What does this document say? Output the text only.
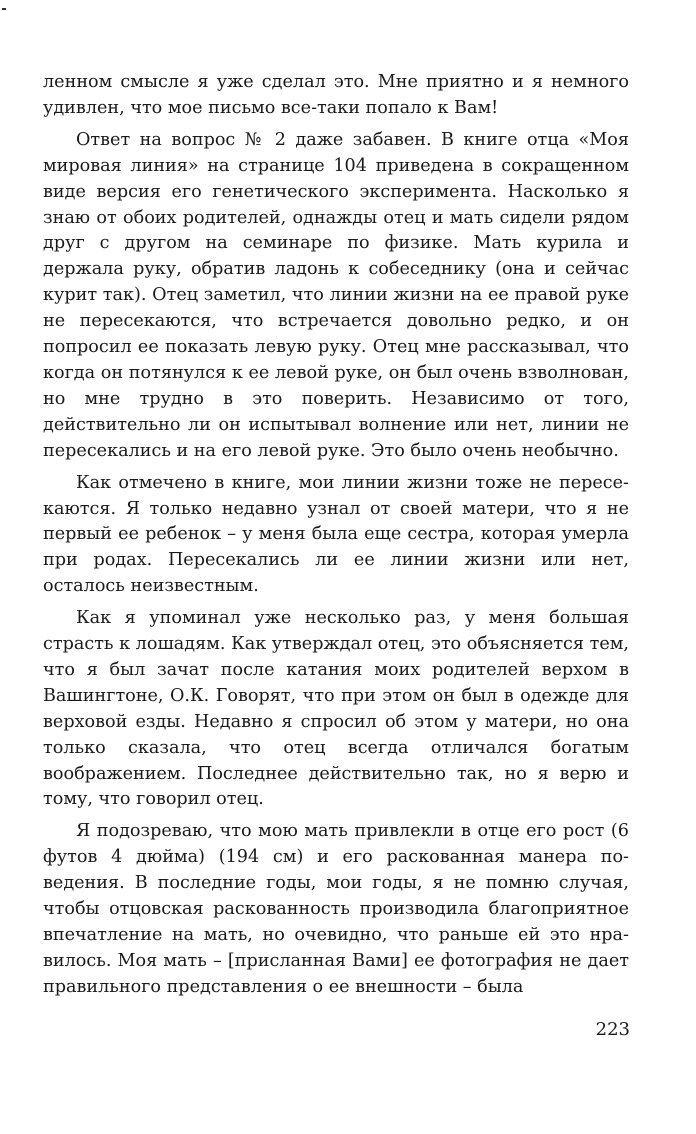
ленном смысле я уже сделал это. Мне приятно и я немного удивлен, что мое письмо все-таки попало к Вам!

Ответ на вопрос № 2 даже забавен. В книге отца «Моя мировая линия» на странице 104 приведена в сокращенном виде версия его генетического эксперимента. Насколько я знаю от обоих родителей, однажды отец и мать сидели рядом друг с другом на семинаре по физике. Мать курила и держала руку, обратив ладонь к собеседнику (она и сейчас курит так). Отец заметил, что линии жизни на ее правой руке не пересекаются, что встречается довольно редко, и он попросил ее показать левую руку. Отец мне рассказывал, что когда он потянулся к ее левой руке, он был очень взволнован, но мне трудно в это поверить. Независимо от того, действительно ли он испытывал волнение или нет, линии не пересекались и на его левой руке. Это было очень необычно.

Как отмечено в книге, мои линии жизни тоже не пересекаются. Я только недавно узнал от своей матери, что я не первый ее ребенок – у меня была еще сестра, которая умерла при родах. Пересекались ли ее линии жизни или нет, осталось неизвестным.

Как я упоминал уже несколько раз, у меня большая страсть к лошадям. Как утверждал отец, это объясняется тем, что я был зачат после катания моих родителей верхом в Вашингтоне, О.К. Говорят, что при этом он был в одежде для верховой езды. Недавно я спросил об этом у матери, но она только сказала, что отец всегда отличался богатым воображением. Последнее действительно так, но я верю и тому, что говорил отец.

Я подозреваю, что мою мать привлекли в отце его рост (6 футов 4 дюйма) (194 см) и его раскованная манера поведения. В последние годы, мои годы, я не помню случая, чтобы отцовская раскованность производила благоприятное впечатление на мать, но очевидно, что раньше ей это нравилось. Моя мать – [присланная Вами] ее фотография не дает правильного представления о ее внешности – была

223
